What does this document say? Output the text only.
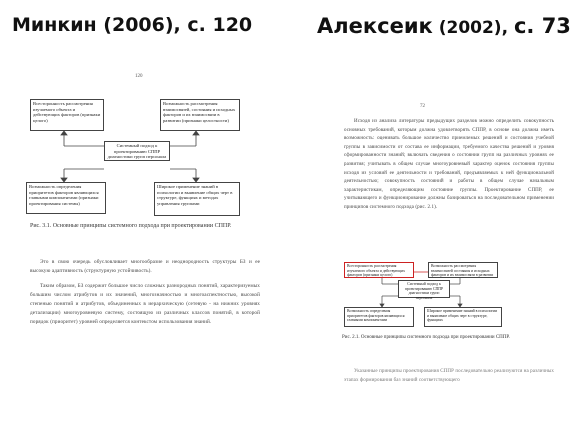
Минкин (2006), с. 120	Алексеик (2002), с. 73
120
Всесторонность рассмотрения изучаемого объекта и действующих факторов (признаки целого)
Возможность рассмотрения взаимосвязей, состояния и исходных факторов и их взаимосвязи в развитии (признаки целостности)
Системный подход к проектированию СППР диагностики групп персонала
Возможность определения приоритетов факторов являющихся главными компонентами (признаки проектирования системы)
Широкое применение знаний в психологии и выявление общих черт в структуре, функциях и методах управления группами
Рис. 3.1. Основные принципы системного подхода при проектировании СППР.
Это в свою очередь обусловливает многообразие и неоднородность структуры БЗ и ее высокую адаптивность (структурную устойчивость).
Таким образом, БЗ содержит большое число сложных разнородных понятий, характеризуемых большим числом атрибутов и их значений, многозначностью и многоаспектностью, высокой степенью понятий и атрибутов, объединенных в иерархическую (сетевую - на нижних уровнях детализации) многоуровневую систему, состоящую из различных классов понятий, в которой порядок (приоритет) уровней определяется контекстом использования знаний.
72
Исходя из анализа литературы предыдущих разделов можно определить совокупность основных требований, которым должна удовлетворять СППР, в основе она должна иметь возможность: оценивать большое количество приемлемых решений и состояния учебной группы в зависимости от состава ее информации, требуемого качества решений и уровня сформированности знаний; включать сведения о состоянии групп на различных уровнях ее развития; учитывать в общем случае многоуровневый характер оценок состояния группы исходя из условий ее деятельности и требований, предъявляемых к ней функциональной деятельностью; совокупность состояний и работы в общем случае начальным характеристикам, определяющим состояние группы. Проектирование СППР, ее учитывающего и функционирование должны базироваться на последовательном применении принципов системного подхода (рис. 2.1).
Всесторонность рассмотрения изучаемого объекта и действующих факторов (признаки целого)
Возможность рассмотрения взаимосвязей состояния и исходных факторов и их взаимосвязи в развитии
Системный подход к проектированию СППР диагностики групп персонала
Возможность определения приоритетов факторов являющихся главными компонентами
Широкое применение знаний в психологии и выявление общих черт в структуре, функциях
Рис. 2.1. Основные принципы системного подхода при проектировании СППР.
Указанные принципы проектирования СППР последовательно реализуются на различных этапах формирования баз знаний соответствующего
